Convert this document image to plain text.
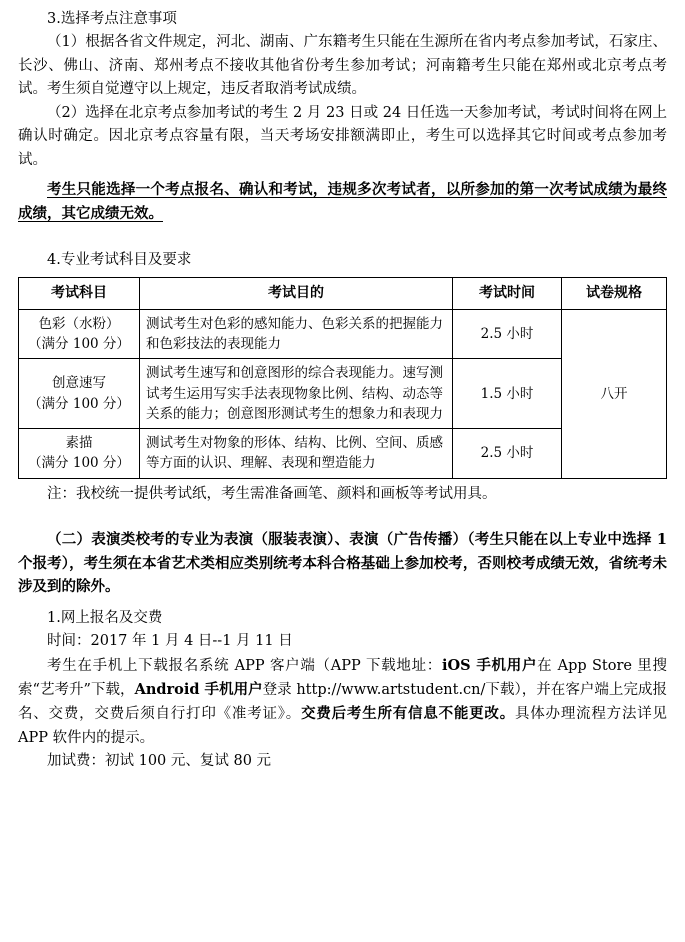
3.选择考点注意事项

（1）根据各省文件规定，河北、湖南、广东籍考生只能在生源所在省内考点参加考试，石家庄、长沙、佛山、济南、郑州考点不接收其他省份考生参加考试；河南籍考生只能在郑州或北京考点考试。考生须自觉遵守以上规定，违反者取消考试成绩。

（2）选择在北京考点参加考试的考生 2 月 23 日或 24 日任选一天参加考试，考试时间将在网上确认时确定。因北京考点容量有限，当天考场安排额满即止，考生可以选择其它时间或考点参加考试。

考生只能选择一个考点报名、确认和考试，违规多次考试者，以所参加的第一次考试成绩为最终成绩，其它成绩无效。

4.专业考试科目及要求

考试科目	考试目的	考试时间	试卷规格

色彩（水粉）
（满分 100 分）	测试考生对色彩的感知能力、色彩关系的把握能力和色彩技法的表现能力	2.5 小时	八开

创意速写
（满分 100 分）	测试考生速写和创意图形的综合表现能力。速写测试考生运用写实手法表现物象比例、结构、动态等关系的能力；创意图形测试考生的想象力和表现力	1.5 小时	

素描
（满分 100 分）	测试考生对物象的形体、结构、比例、空间、质感等方面的认识、理解、表现和塑造能力	2.5 小时	

注：我校统一提供考试纸，考生需准备画笔、颜料和画板等考试用具。

（二）表演类校考的专业为表演（服装表演）、表演（广告传播）（考生只能在以上专业中选择 1 个报考），考生须在本省艺术类相应类别统考本科合格基础上参加校考，否则校考成绩无效，省统考未涉及到的除外。

1.网上报名及交费

时间：2017 年 1 月 4 日--1 月 11 日

考生在手机上下载报名系统 APP 客户端（APP 下载地址：iOS 手机用户在 App Store 里搜索“艺考升”下载，Android 手机用户登录 http://www.artstudent.cn/下载），并在客户端上完成报名、交费，交费后须自行打印《准考证》。交费后考生所有信息不能更改。具体办理流程方法详见 APP 软件内的提示。

加试费：初试 100 元、复试 80 元
